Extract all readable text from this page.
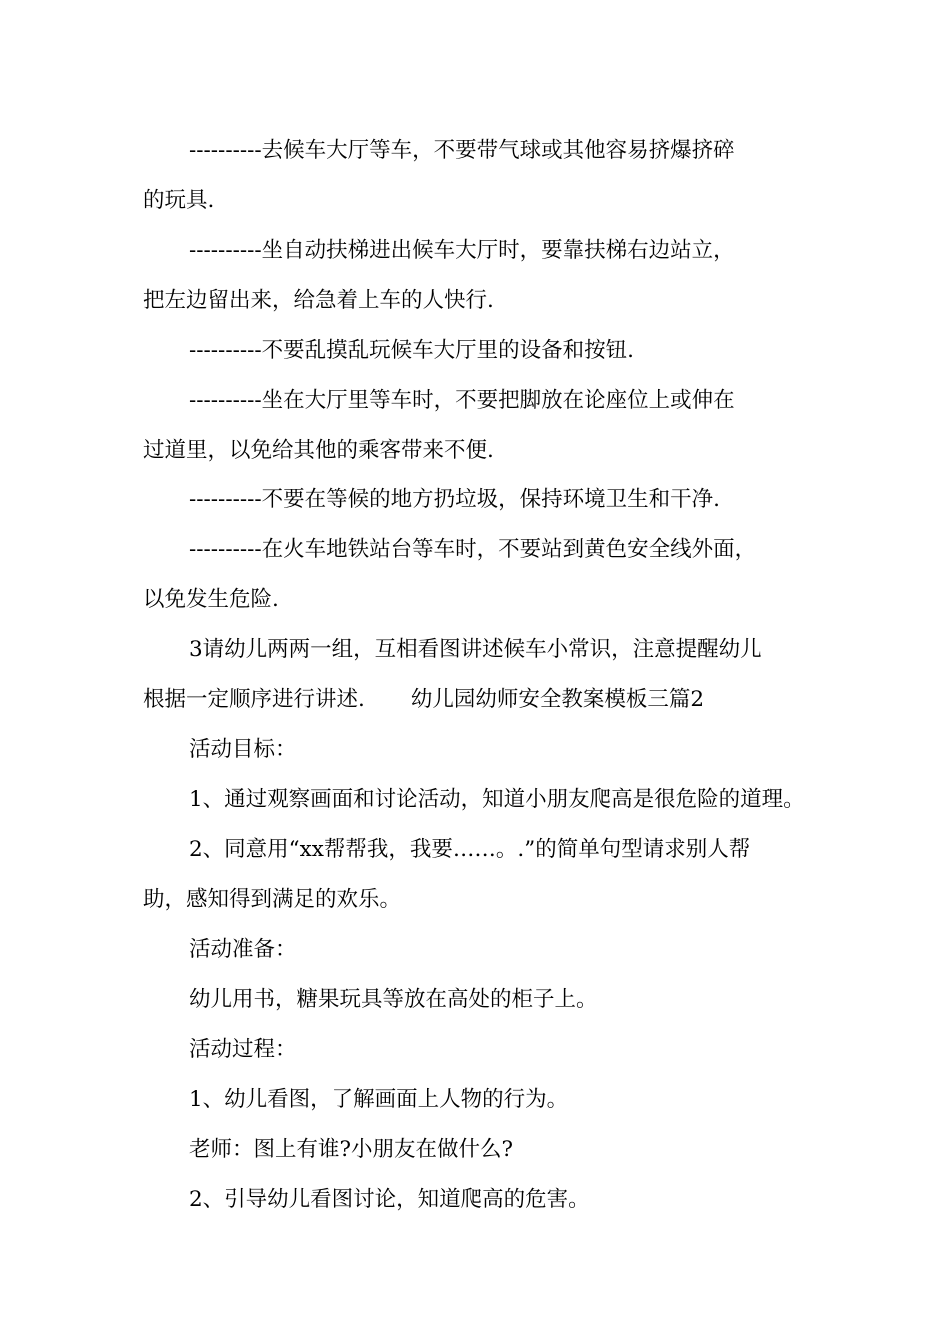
----------去候车大厅等车，不要带气球或其他容易挤爆挤碎
的玩具.
----------坐自动扶梯进出候车大厅时，要靠扶梯右边站立，
把左边留出来，给急着上车的人快行.
----------不要乱摸乱玩候车大厅里的设备和按钮.
----------坐在大厅里等车时，不要把脚放在论座位上或伸在
过道里，以免给其他的乘客带来不便.
----------不要在等候的地方扔垃圾，保持环境卫生和干净.
----------在火车地铁站台等车时，不要站到黄色安全线外面，
以免发生危险.
3请幼儿两两一组，互相看图讲述候车小常识，注意提醒幼儿
根据一定顺序进行讲述. 幼儿园幼师安全教案模板三篇2
活动目标：
1、通过观察画面和讨论活动，知道小朋友爬高是很危险的道理。
2、同意用“xx帮帮我，我要……。.”的简单句型请求别人帮
助，感知得到满足的欢乐。
活动准备：
幼儿用书，糖果玩具等放在高处的柜子上。
活动过程：
1、幼儿看图，了解画面上人物的行为。
老师：图上有谁?小朋友在做什么?
2、引导幼儿看图讨论，知道爬高的危害。
